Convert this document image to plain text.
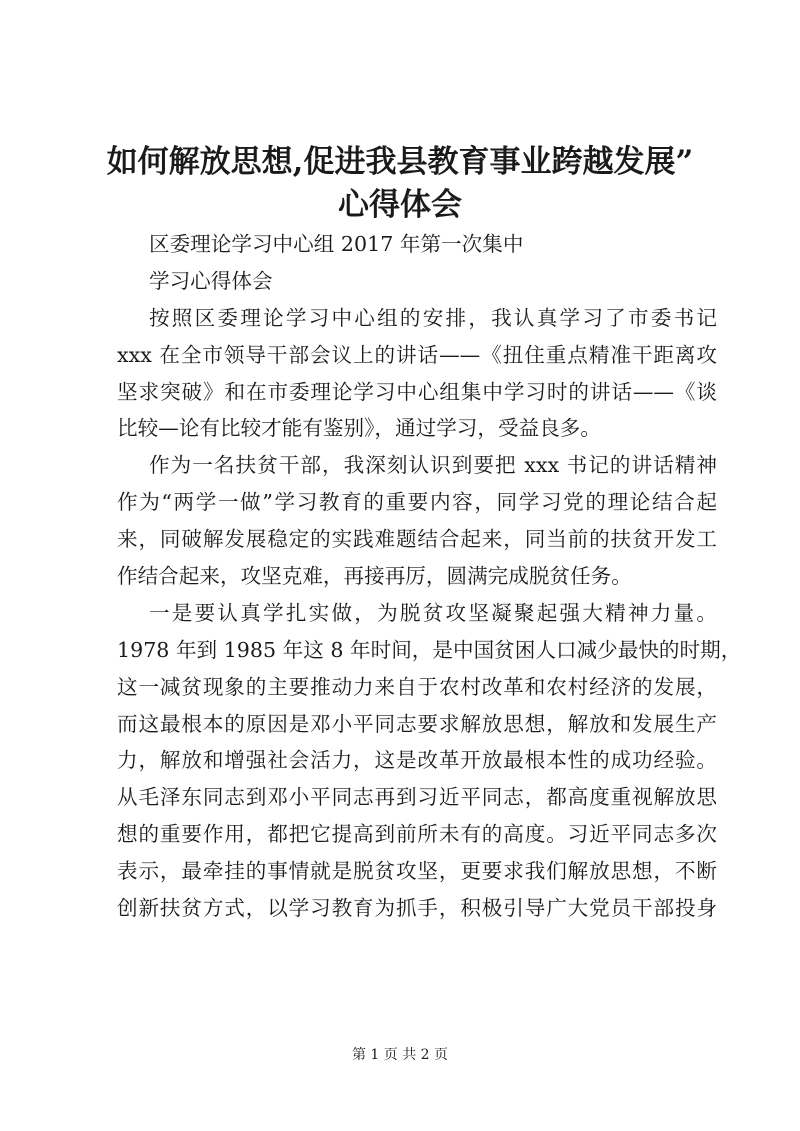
如何解放思想,促进我县教育事业跨越发展”
心得体会
区委理论学习中心组 2017 年第一次集中
学习心得体会
按照区委理论学习中心组的安排，我认真学习了市委书记
xxx 在全市领导干部会议上的讲话——《扭住重点精准干距离攻
坚求突破》和在市委理论学习中心组集中学习时的讲话——《谈
比较—论有比较才能有鉴别》，通过学习，受益良多。
作为一名扶贫干部，我深刻认识到要把 xxx 书记的讲话精神
作为“两学一做”学习教育的重要内容，同学习党的理论结合起
来，同破解发展稳定的实践难题结合起来，同当前的扶贫开发工
作结合起来，攻坚克难，再接再厉，圆满完成脱贫任务。
一是要认真学扎实做，为脱贫攻坚凝聚起强大精神力量。
1978 年到 1985 年这 8 年时间，是中国贫困人口减少最快的时期，
这一减贫现象的主要推动力来自于农村改革和农村经济的发展，
而这最根本的原因是邓小平同志要求解放思想，解放和发展生产
力，解放和增强社会活力，这是改革开放最根本性的成功经验。
从毛泽东同志到邓小平同志再到习近平同志，都高度重视解放思
想的重要作用，都把它提高到前所未有的高度。习近平同志多次
表示，最牵挂的事情就是脱贫攻坚，更要求我们解放思想，不断
创新扶贫方式，以学习教育为抓手，积极引导广大党员干部投身
第 1 页 共 2 页
